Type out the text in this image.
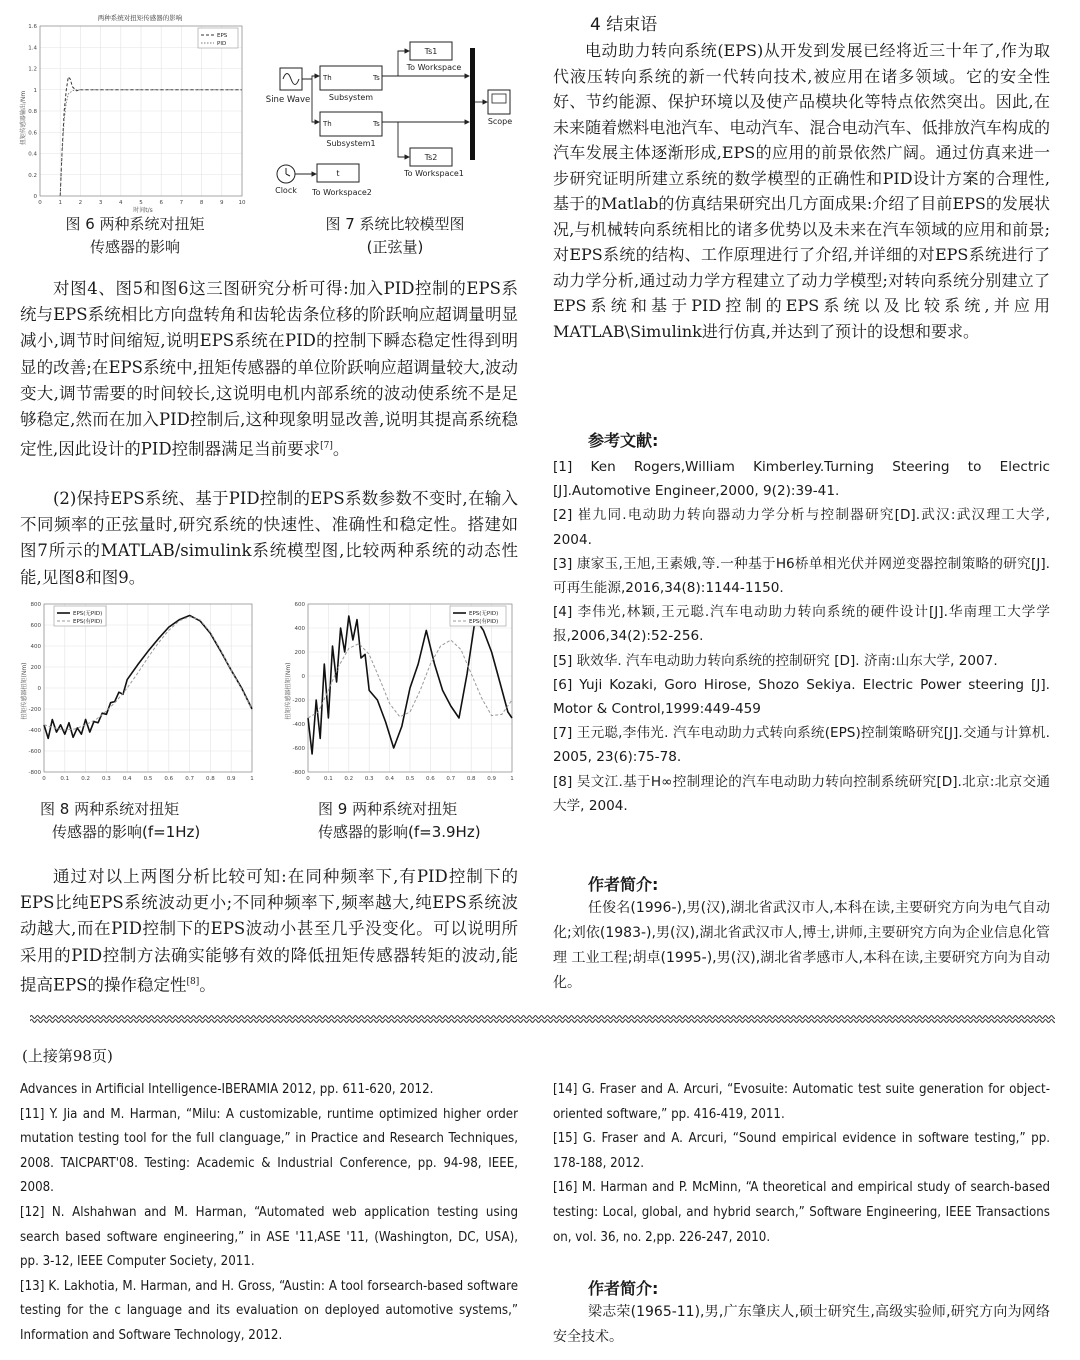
两种系统对扭矩传感器的影响
扭矩传感器输出/Nm
时间t/s
1.6
1.4
1.2
1
0.8
0.6
0.4
0.2
0
0	1	2	3	4	5	6	7	8	9	10
EPS
PID
图 6 两种系统对扭矩
传感器的影响
Sine Wave
Th	Ts
Subsystem
Th	Ts
Subsystem1
Ts1
To Workspace
Ts2
To Workspace1
Scope
Clock
t
To Workspace2
图 7 系统比较模型图
(正弦量)

对图4、图5和图6这三图研究分析可得:加入PID控制的EPS系统与EPS系统相比方向盘转角和齿轮齿条位移的阶跃响应超调量明显减小,调节时间缩短,说明EPS系统在PID的控制下瞬态稳定性得到明显的改善;在EPS系统中,扭矩传感器的单位阶跃响应超调量较大,波动变大,调节需要的时间较长,这说明电机内部系统的波动使系统不是足够稳定,然而在加入PID控制后,这种现象明显改善,说明其提高系统稳定性,因此设计的PID控制器满足当前要求[7]。

(2)保持EPS系统、基于PID控制的EPS系数参数不变时,在输入不同频率的正弦量时,研究系统的快速性、准确性和稳定性。搭建如图7所示的MATLAB/simulink系统模型图,比较两种系统的动态性能,见图8和图9。

扭矩传感器扭矩(Nm)
800
600
400
200
0
-200
-400
-600
-800
0	0.1 0.2 0.3 0.4 0.5 0.6 0.7 0.8 0.9	1
EPS(无PID)
EPS(有PID)
图 8 两种系统对扭矩
传感器的影响(f=1Hz)
扭矩传感器扭矩(Nm)
600
400
200
0
-200
-400
-600
-800
0	0.1 0.2 0.3 0.4 0.5 0.6 0.7 0.8 0.9	1
EPS(无PID)
EPS(有PID)
图 9 两种系统对扭矩
传感器的影响(f=3.9Hz)

通过对以上两图分析比较可知:在同种频率下,有PID控制下的EPS比纯EPS系统波动更小;不同种频率下,频率越大,纯EPS系统波动越大,而在PID控制下的EPS波动小甚至几乎没变化。可以说明所采用的PID控制方法确实能够有效的降低扭矩传感器转矩的波动,能提高EPS的操作稳定性[8]。

4 结束语

电动助力转向系统(EPS)从开发到发展已经将近三十年了,作为取代液压转向系统的新一代转向技术,被应用在诸多领域。它的安全性好、节约能源、保护环境以及使产品模块化等特点依然突出。因此,在未来随着燃料电池汽车、电动汽车、混合电动汽车、低排放汽车构成的汽车发展主体逐渐形成,EPS的应用的前景依然广阔。通过仿真来进一步研究证明所建立系统的数学模型的正确性和PID设计方案的合理性,基于的Matlab的仿真结果研究出几方面成果:介绍了目前EPS的发展状况,与机械转向系统相比的诸多优势以及未来在汽车领域的应用和前景;对EPS系统的结构、工作原理进行了介绍,并详细的对EPS系统进行了动力学分析,通过动力学方程建立了动力学模型;对转向系统分别建立了EPS系统和基于PID控制的EPS系统以及比较系统,并应用MATLAB\Simulink进行仿真,并达到了预计的设想和要求。

参考文献:

[1] Ken Rogers,William Kimberley.Turning Steering to Electric [J].Automotive Engineer,2000, 9(2):39-41.

[2] 崔九同.电动助力转向器动力学分析与控制器研究[D].武汉:武汉理工大学, 2004.

[3] 康家玉,王旭,王素娥,等.一种基于H6桥单相光伏并网逆变器控制策略的研究[J].可再生能源,2016,34(8):1144-1150.

[4] 李伟光,林颖,王元聪.汽车电动助力转向系统的硬件设计[J].华南理工大学学报,2006,34(2):52-256.

[5] 耿效华. 汽车电动助力转向系统的控制研究 [D]. 济南:山东大学, 2007.

[6] Yuji Kozaki, Goro Hirose, Shozo Sekiya. Electric Power steering [J]. Motor & Control,1999:449-459

[7] 王元聪,李伟光. 汽车电动助力式转向系统(EPS)控制策略研究[J].交通与计算机. 2005, 23(6):75-78.

[8] 吴文江.基于H∞控制理论的汽车电动助力转向控制系统研究[D].北京:北京交通大学, 2004.

作者简介:

任俊名(1996-),男(汉),湖北省武汉市人,本科在读,主要研究方向为电气自动化;刘依(1983-),男(汉),湖北省武汉市人,博士,讲师,主要研究方向为企业信息化管理 工业工程;胡卓(1995-),男(汉),湖北省孝感市人,本科在读,主要研究方向为自动化。

(上接第98页)

Advances in Artificial Intelligence-IBERAMIA 2012, pp. 611-620, 2012.

[11] Y. Jia and M. Harman, “Milu: A customizable, runtime optimized higher order mutation testing tool for the full clanguage,” in Practice and Research Techniques, 2008. TAICPART'08. Testing: Academic & Industrial Conference, pp. 94-98, IEEE, 2008.

[12] N. Alshahwan and M. Harman, “Automated web application testing using search based software engineering,” in ASE '11,ASE '11, (Washington, DC, USA), pp. 3-12, IEEE Computer Society, 2011.

[13] K. Lakhotia, M. Harman, and H. Gross, “Austin: A tool forsearch-based software testing for the c language and its evaluation on deployed automotive systems,” Information and Software Technology, 2012.

[14] G. Fraser and A. Arcuri, “Evosuite: Automatic test suite generation for object-oriented software,” pp. 416-419, 2011.

[15] G. Fraser and A. Arcuri, “Sound empirical evidence in software testing,” pp. 178-188, 2012.

[16] M. Harman and P. McMinn, “A theoretical and empirical study of search-based testing: Local, global, and hybrid search,” Software Engineering, IEEE Transactions on, vol. 36, no. 2,pp. 226-247, 2010.

作者简介:

梁志荣(1965-11),男,广东肇庆人,硕士研究生,高级实验师,研究方向为网络安全技术。
